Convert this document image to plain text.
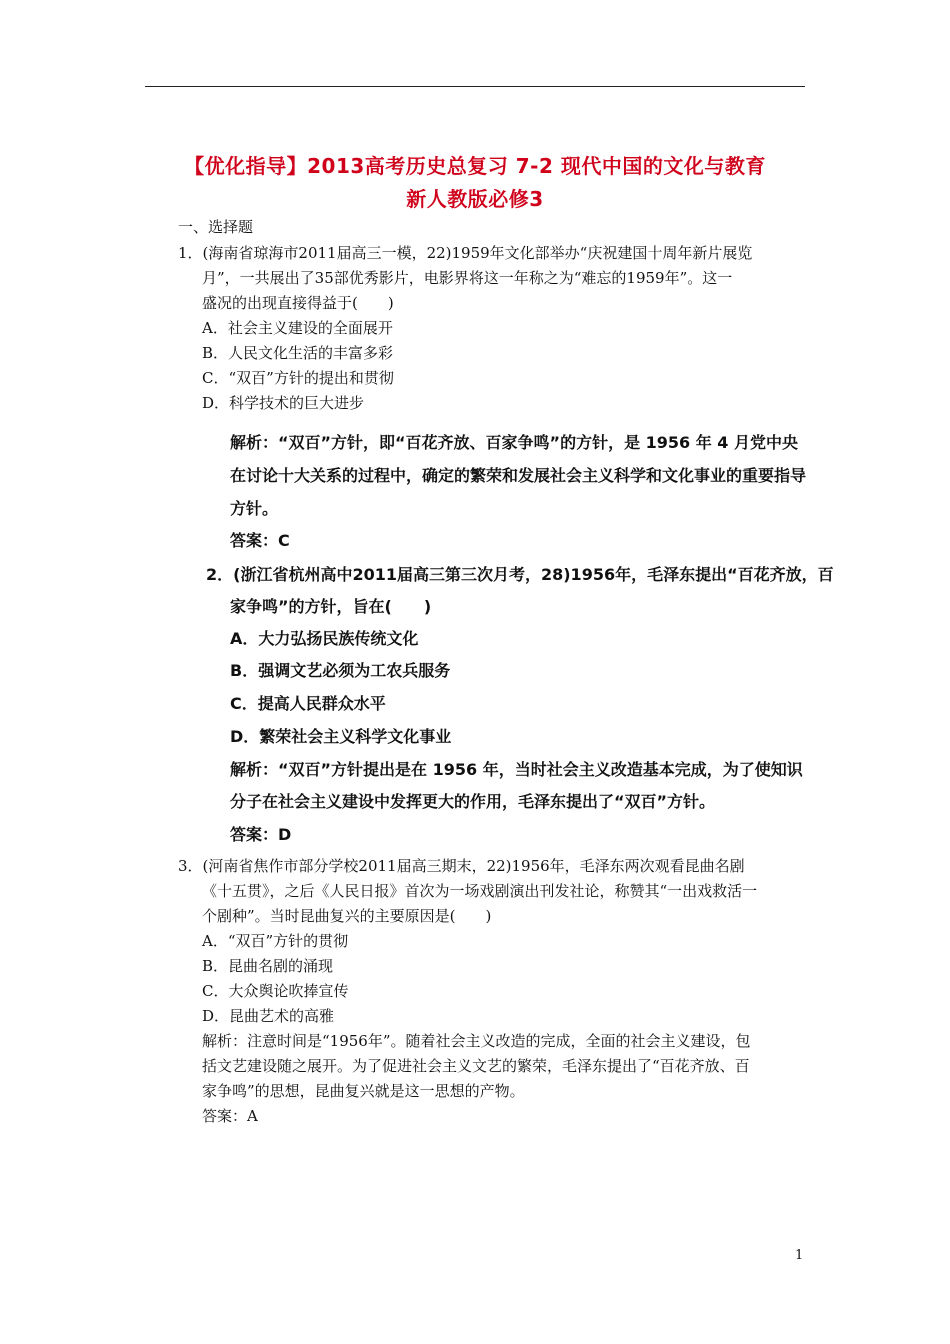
【优化指导】2013高考历史总复习 7-2 现代中国的文化与教育
新人教版必修3
一、选择题
1．(海南省琼海市2011届高三一模，22)1959年文化部举办“庆祝建国十周年新片展览
月”，一共展出了35部优秀影片，电影界将这一年称之为“难忘的1959年”。这一
盛况的出现直接得益于(　　)
A．社会主义建设的全面展开
B．人民文化生活的丰富多彩
C．“双百”方针的提出和贯彻
D．科学技术的巨大进步
解析：“双百”方针，即“百花齐放、百家争鸣”的方针，是 1956 年 4 月党中央
在讨论十大关系的过程中，确定的繁荣和发展社会主义科学和文化事业的重要指导
方针。
答案：C
2．(浙江省杭州高中2011届高三第三次月考，28)1956年，毛泽东提出“百花齐放，百
家争鸣”的方针，旨在(　　)
A．大力弘扬民族传统文化
B．强调文艺必须为工农兵服务
C．提高人民群众水平
D．繁荣社会主义科学文化事业
解析：“双百”方针提出是在 1956 年，当时社会主义改造基本完成，为了使知识
分子在社会主义建设中发挥更大的作用，毛泽东提出了“双百”方针。
答案：D
3．(河南省焦作市部分学校2011届高三期末，22)1956年，毛泽东两次观看昆曲名剧
《十五贯》，之后《人民日报》首次为一场戏剧演出刊发社论，称赞其“一出戏救活一
个剧种”。当时昆曲复兴的主要原因是(　　)
A．“双百”方针的贯彻
B．昆曲名剧的涌现
C．大众舆论吹捧宣传
D．昆曲艺术的高雅
解析：注意时间是“1956年”。随着社会主义改造的完成，全面的社会主义建设，包
括文艺建设随之展开。为了促进社会主义文艺的繁荣，毛泽东提出了“百花齐放、百
家争鸣”的思想，昆曲复兴就是这一思想的产物。
答案：A
1
